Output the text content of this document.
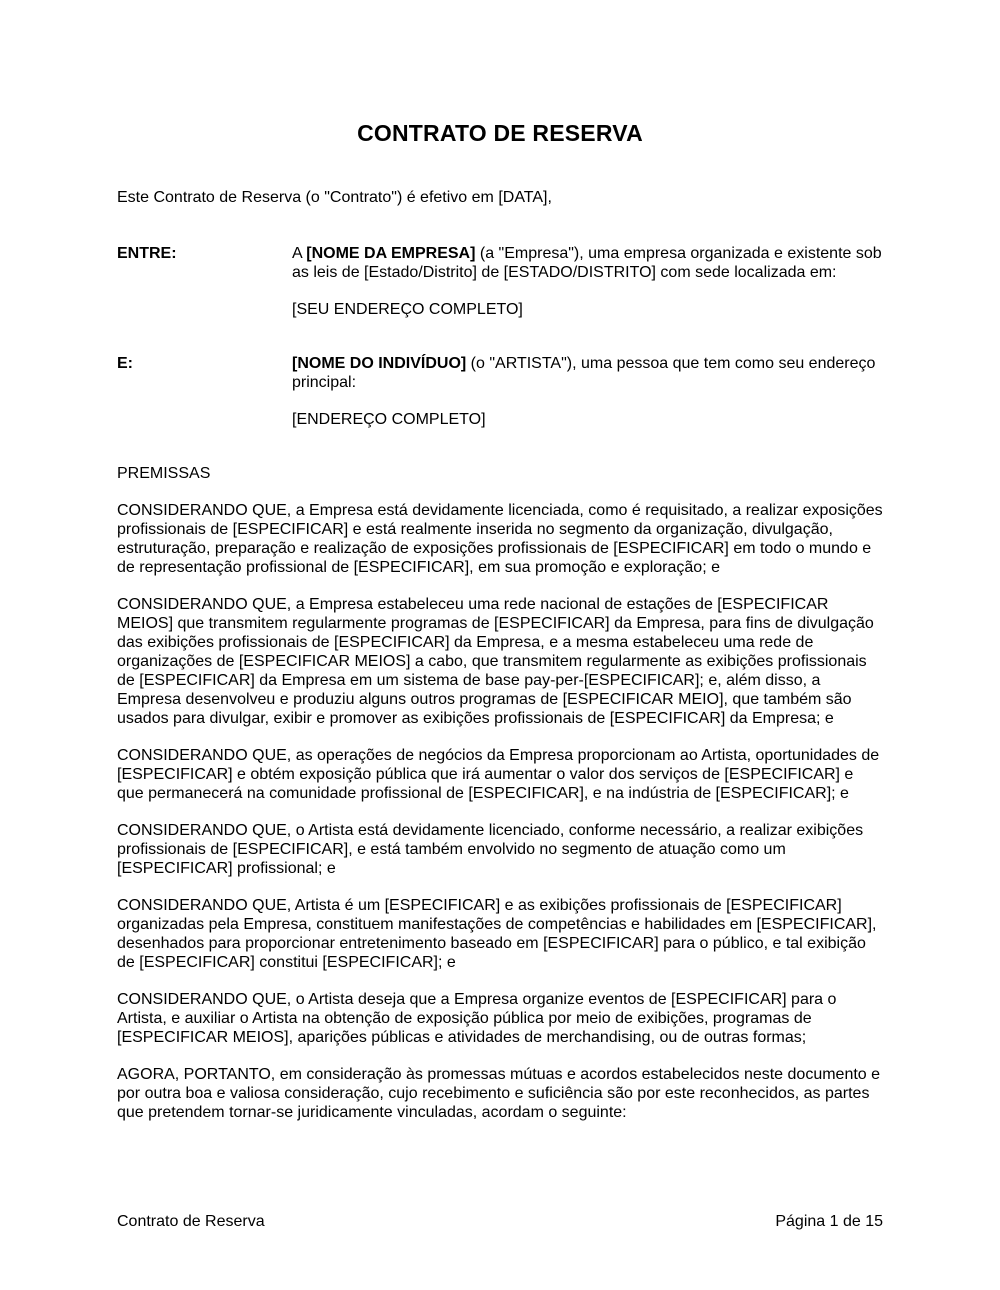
CONTRATO DE RESERVA

Este Contrato de Reserva (o "Contrato") é efetivo em [DATA],

ENTRE:	A [NOME DA EMPRESA] (a "Empresa"), uma empresa organizada e existente sob as leis de [Estado/Distrito] de [ESTADO/DISTRITO] com sede localizada em:

[SEU ENDEREÇO COMPLETO]

E:	[NOME DO INDIVÍDUO] (o "ARTISTA"), uma pessoa que tem como seu endereço principal:

[ENDEREÇO COMPLETO]

PREMISSAS

CONSIDERANDO QUE, a Empresa está devidamente licenciada, como é requisitado, a realizar exposições profissionais de [ESPECIFICAR] e está realmente inserida no segmento da organização, divulgação, estruturação, preparação e realização de exposições profissionais de [ESPECIFICAR] em todo o mundo e de representação profissional de [ESPECIFICAR], em sua promoção e exploração; e

CONSIDERANDO QUE, a Empresa estabeleceu uma rede nacional de estações de [ESPECIFICAR MEIOS] que transmitem regularmente programas de [ESPECIFICAR] da Empresa, para fins de divulgação das exibições profissionais de [ESPECIFICAR] da Empresa, e a mesma estabeleceu uma rede de organizações de [ESPECIFICAR MEIOS] a cabo, que transmitem regularmente as exibições profissionais de [ESPECIFICAR] da Empresa em um sistema de base pay-per-[ESPECIFICAR]; e, além disso, a Empresa desenvolveu e produziu alguns outros programas de [ESPECIFICAR MEIO], que também são usados para divulgar, exibir e promover as exibições profissionais de [ESPECIFICAR] da Empresa; e

CONSIDERANDO QUE, as operações de negócios da Empresa proporcionam ao Artista, oportunidades de [ESPECIFICAR] e obtém exposição pública que irá aumentar o valor dos serviços de [ESPECIFICAR] e que permanecerá na comunidade profissional de [ESPECIFICAR], e na indústria de [ESPECIFICAR]; e

CONSIDERANDO QUE, o Artista está devidamente licenciado, conforme necessário, a realizar exibições profissionais de [ESPECIFICAR], e está também envolvido no segmento de atuação como um [ESPECIFICAR] profissional; e

CONSIDERANDO QUE, Artista é um [ESPECIFICAR] e as exibições profissionais de [ESPECIFICAR] organizadas pela Empresa, constituem manifestações de competências e habilidades em [ESPECIFICAR], desenhados para proporcionar entretenimento baseado em [ESPECIFICAR] para o público, e tal exibição de [ESPECIFICAR] constitui [ESPECIFICAR]; e

CONSIDERANDO QUE, o Artista deseja que a Empresa organize eventos de [ESPECIFICAR] para o Artista, e auxiliar o Artista na obtenção de exposição pública por meio de exibições, programas de [ESPECIFICAR MEIOS], aparições públicas e atividades de merchandising, ou de outras formas;

AGORA, PORTANTO, em consideração às promessas mútuas e acordos estabelecidos neste documento e por outra boa e valiosa consideração, cujo recebimento e suficiência são por este reconhecidos, as partes que pretendem tornar-se juridicamente vinculadas, acordam o seguinte:

Contrato de Reserva	Página 1 de 15
